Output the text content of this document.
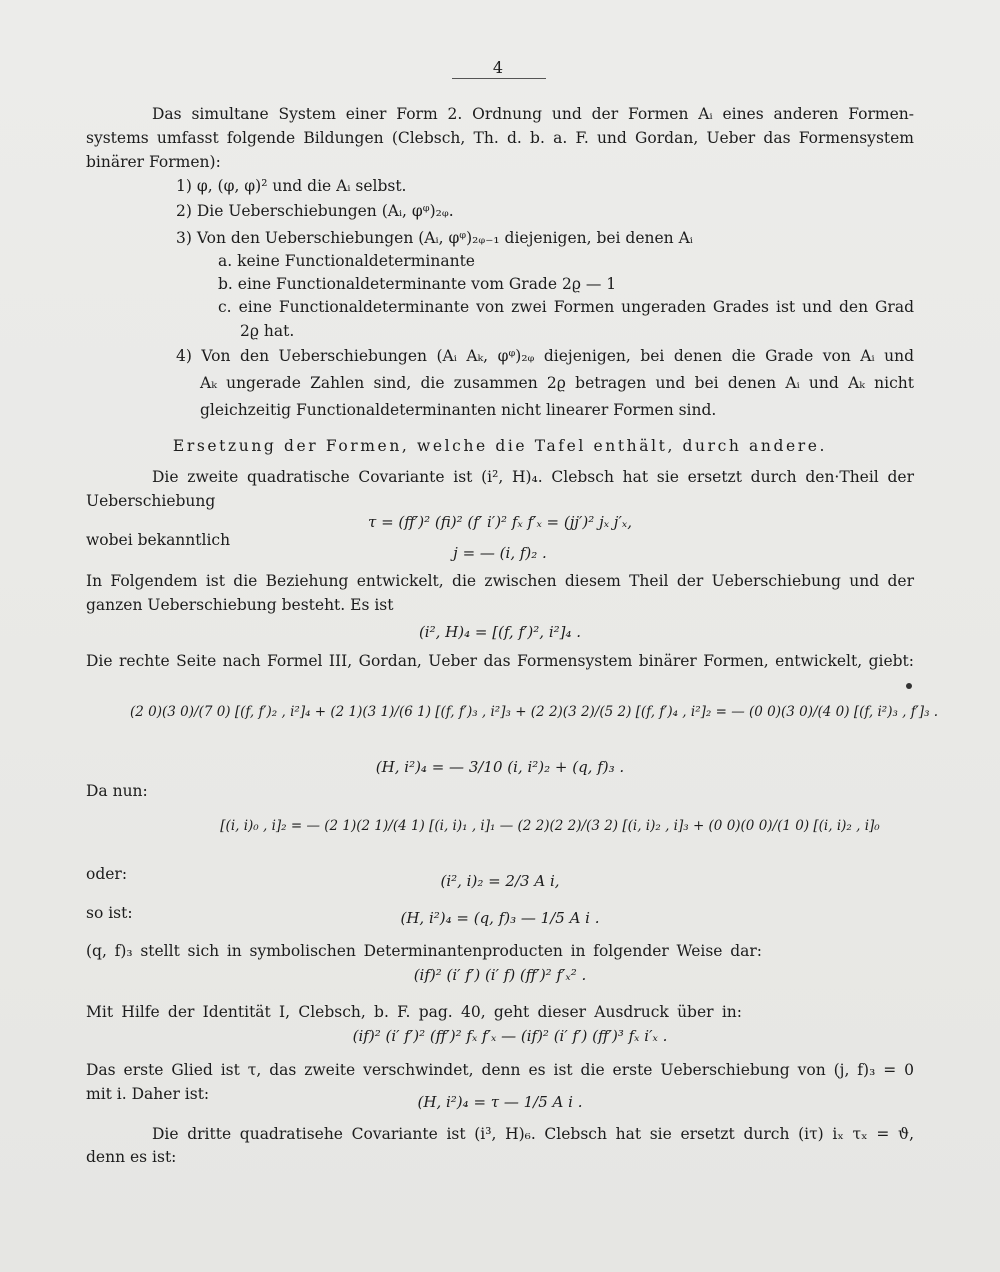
4
Das simultane System einer Form 2. Ordnung und der Formen Aᵢ eines anderen Formen-
systems umfasst folgende Bildungen (Clebsch, Th. d. b. a. F. und Gordan, Ueber das Formensystem
binärer Formen):
1) φ, (φ, φ)² und die Aᵢ selbst.
2) Die Ueberschiebungen (Aᵢ, φᵠ)₂ᵩ.
3) Von den Ueberschiebungen (Aᵢ, φᵠ)₂ᵩ₋₁ diejenigen, bei denen Aᵢ
a. keine Functionaldeterminante
b. eine Functionaldeterminante vom Grade 2ϱ — 1
c. eine Functionaldeterminante von zwei Formen ungeraden Grades ist und den Grad
2ϱ hat.
4) Von den Ueberschiebungen (Aᵢ Aₖ, φᵠ)₂ᵩ diejenigen, bei denen die Grade von Aᵢ und
Aₖ ungerade Zahlen sind, die zusammen 2ϱ betragen und bei denen Aᵢ und Aₖ nicht
gleichzeitig Functionaldeterminanten nicht linearer Formen sind.
Ersetzung der Formen, welche die Tafel enthält, durch andere.
Die zweite quadratische Covariante ist (i², H)₄. Clebsch hat sie ersetzt durch den·Theil der
Ueberschiebung
τ = (ff′)² (fi)² (f′ i′)² fₓ f′ₓ = (jj′)² jₓ j′ₓ,
wobei bekanntlich
j = — (i, f)₂ .
In Folgendem ist die Beziehung entwickelt, die zwischen diesem Theil der Ueberschiebung und der
ganzen Ueberschiebung besteht. Es ist
(i², H)₄ = [(f, f′)², i²]₄ .
Die rechte Seite nach Formel III, Gordan, Ueber das Formensystem binärer Formen, entwickelt, giebt:
(2 0)(3 0)/(7 0) [(f, f′)₂ , i²]₄ + (2 1)(3 1)/(6 1) [(f, f′)₃ , i²]₃ + (2 2)(3 2)/(5 2) [(f, f′)₄ , i²]₂ = — (0 0)(3 0)/(4 0) [(f, i²)₃ , f′]₃ .
(H, i²)₄ = — 3/10 (i, i²)₂ + (q, f)₃ .
Da nun:
[(i, i)₀ , i]₂ = — (2 1)(2 1)/(4 1) [(i, i)₁ , i]₁ — (2 2)(2 2)/(3 2) [(i, i)₂ , i]₃ + (0 0)(0 0)/(1 0) [(i, i)₂ , i]₀
oder:	(i², i)₂ = 2/3 A i,
so ist:	(H, i²)₄ = (q, f)₃ — 1/5 A i .
(q, f)₃ stellt sich in symbolischen Determinantenproducten in folgender Weise dar:
(if)² (i′ f′) (i′ f) (ff′)² f′ₓ² .
Mit Hilfe der Identität I, Clebsch, b. F. pag. 40, geht dieser Ausdruck über in:
(if)² (i′ f′)² (ff′)² fₓ f′ₓ — (if)² (i′ f′) (ff′)³ fₓ i′ₓ .
Das erste Glied ist τ, das zweite verschwindet, denn es ist die erste Ueberschiebung von (j, f)₃ = 0
mit i. Daher ist:	(H, i²)₄ = τ — 1/5 A i .
Die dritte quadratisehe Covariante ist (i³, H)₆. Clebsch hat sie ersetzt durch (iτ) iₓ τₓ = ϑ,
denn es ist:
